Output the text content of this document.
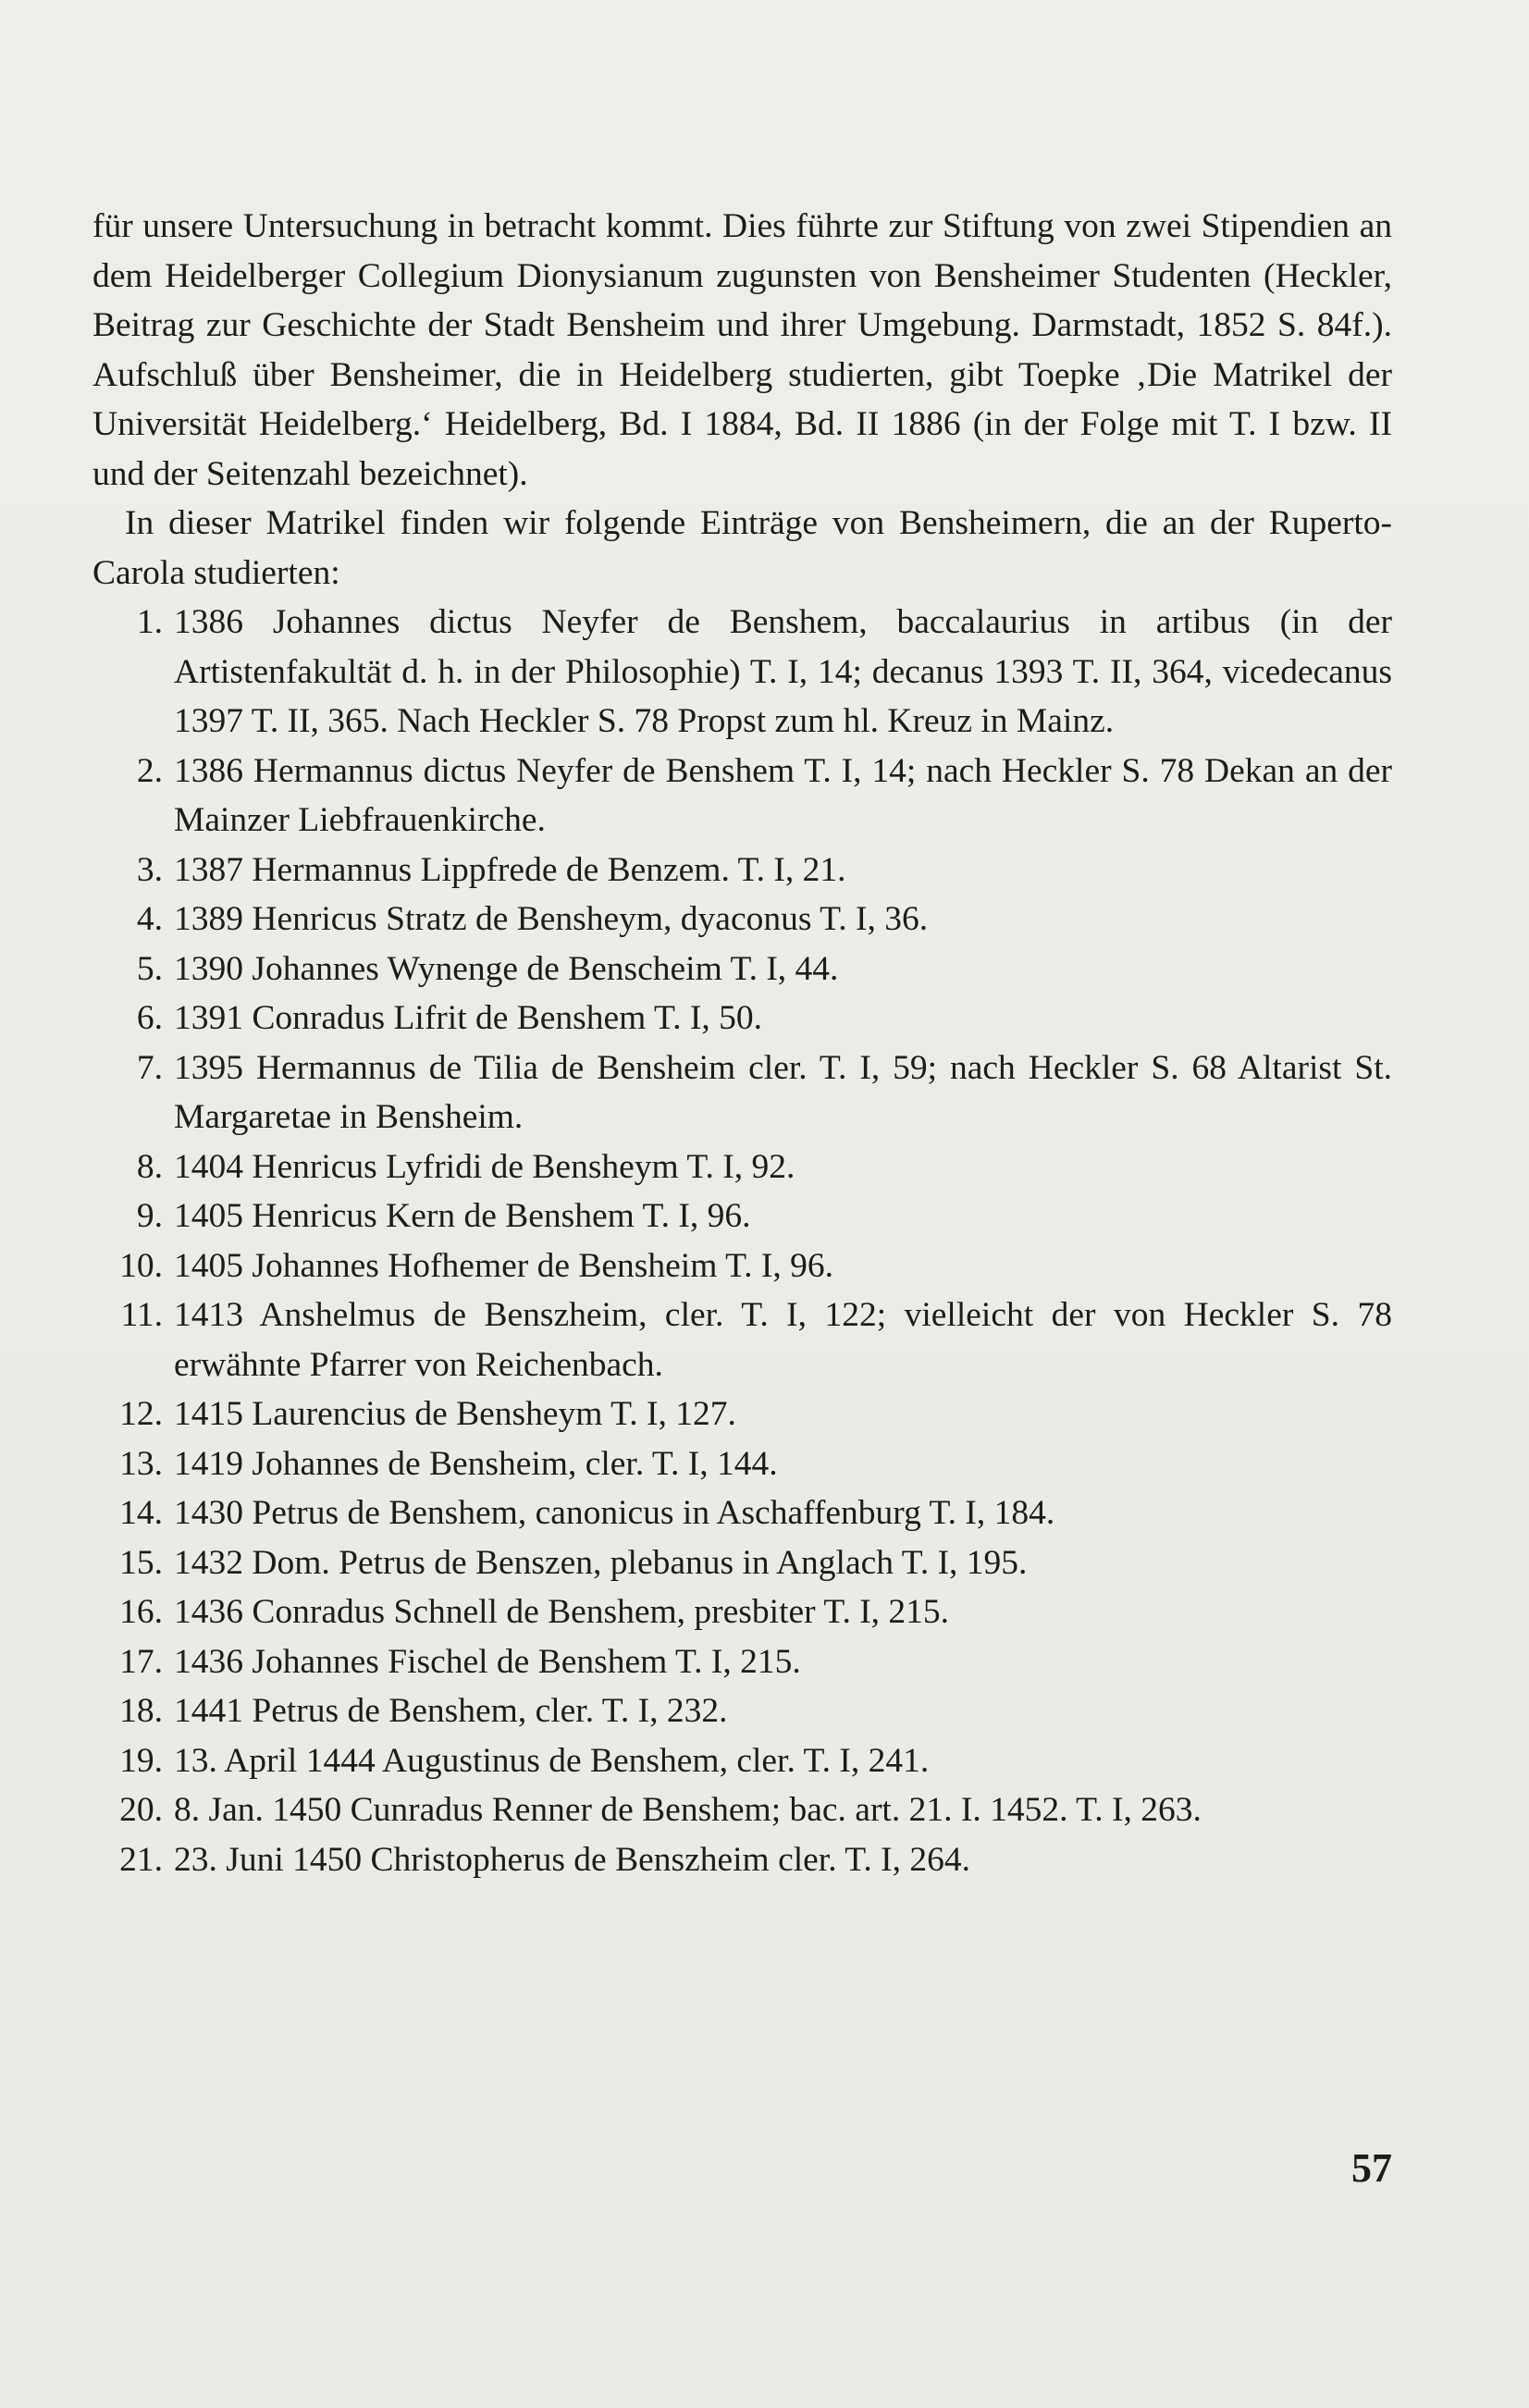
für unsere Untersuchung in betracht kommt. Dies führte zur Stiftung von zwei Stipendien an dem Heidelberger Collegium Dionysianum zugunsten von Bensheimer Studenten (Heckler, Beitrag zur Geschichte der Stadt Bensheim und ihrer Umgebung. Darmstadt, 1852 S. 84f.). Aufschluß über Bensheimer, die in Heidelberg studierten, gibt Toepke ‚Die Matrikel der Universität Heidelberg.‘ Heidelberg, Bd. I 1884, Bd. II 1886 (in der Folge mit T. I bzw. II und der Seitenzahl bezeichnet).

In dieser Matrikel finden wir folgende Einträge von Bensheimern, die an der Ruperto-Carola studierten:

1. 1386 Johannes dictus Neyfer de Benshem, baccalaurius in artibus (in der Artistenfakultät d. h. in der Philosophie) T. I, 14; decanus 1393 T. II, 364, vicedecanus 1397 T. II, 365. Nach Heckler S. 78 Propst zum hl. Kreuz in Mainz.
2. 1386 Hermannus dictus Neyfer de Benshem T. I, 14; nach Heckler S. 78 Dekan an der Mainzer Liebfrauenkirche.
3. 1387 Hermannus Lippfrede de Benzem. T. I, 21.
4. 1389 Henricus Stratz de Bensheym, dyaconus T. I, 36.
5. 1390 Johannes Wynenge de Benscheim T. I, 44.
6. 1391 Conradus Lifrit de Benshem T. I, 50.
7. 1395 Hermannus de Tilia de Bensheim cler. T. I, 59; nach Heckler S. 68 Altarist St. Margaretae in Bensheim.
8. 1404 Henricus Lyfridi de Bensheym T. I, 92.
9. 1405 Henricus Kern de Benshem T. I, 96.
10. 1405 Johannes Hofhemer de Bensheim T. I, 96.
11. 1413 Anshelmus de Benszheim, cler. T. I, 122; vielleicht der von Heckler S. 78 erwähnte Pfarrer von Reichenbach.
12. 1415 Laurencius de Bensheym T. I, 127.
13. 1419 Johannes de Bensheim, cler. T. I, 144.
14. 1430 Petrus de Benshem, canonicus in Aschaffenburg T. I, 184.
15. 1432 Dom. Petrus de Benszen, plebanus in Anglach T. I, 195.
16. 1436 Conradus Schnell de Benshem, presbiter T. I, 215.
17. 1436 Johannes Fischel de Benshem T. I, 215.
18. 1441 Petrus de Benshem, cler. T. I, 232.
19. 13. April 1444 Augustinus de Benshem, cler. T. I, 241.
20. 8. Jan. 1450 Cunradus Renner de Benshem; bac. art. 21. I. 1452. T. I, 263.
21. 23. Juni 1450 Christopherus de Benszheim cler. T. I, 264.
57
